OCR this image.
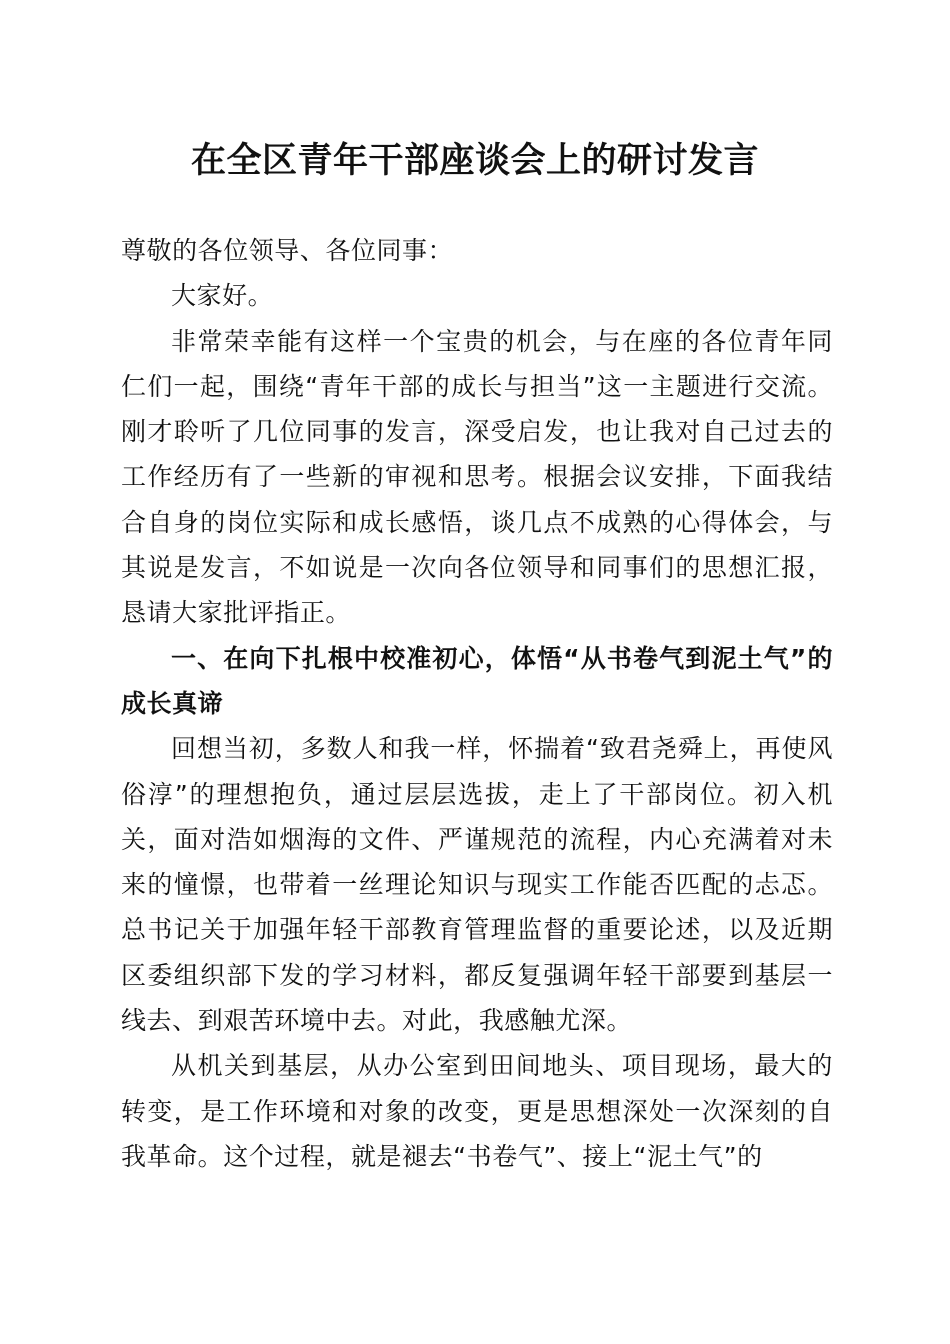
在全区青年干部座谈会上的研讨发言

尊敬的各位领导、各位同事：

大家好。

非常荣幸能有这样一个宝贵的机会，与在座的各位青年同仁们一起，围绕“青年干部的成长与担当”这一主题进行交流。刚才聆听了几位同事的发言，深受启发，也让我对自己过去的工作经历有了一些新的审视和思考。根据会议安排，下面我结合自身的岗位实际和成长感悟，谈几点不成熟的心得体会，与其说是发言，不如说是一次向各位领导和同事们的思想汇报，恳请大家批评指正。

一、在向下扎根中校准初心，体悟“从书卷气到泥土气”的成长真谛

回想当初，多数人和我一样，怀揣着“致君尧舜上，再使风俗淳”的理想抱负，通过层层选拔，走上了干部岗位。初入机关，面对浩如烟海的文件、严谨规范的流程，内心充满着对未来的憧憬，也带着一丝理论知识与现实工作能否匹配的忐忑。总书记关于加强年轻干部教育管理监督的重要论述，以及近期区委组织部下发的学习材料，都反复强调年轻干部要到基层一线去、到艰苦环境中去。对此，我感触尤深。

从机关到基层，从办公室到田间地头、项目现场，最大的转变，是工作环境和对象的改变，更是思想深处一次深刻的自我革命。这个过程，就是褪去“书卷气”、接上“泥土气”的
